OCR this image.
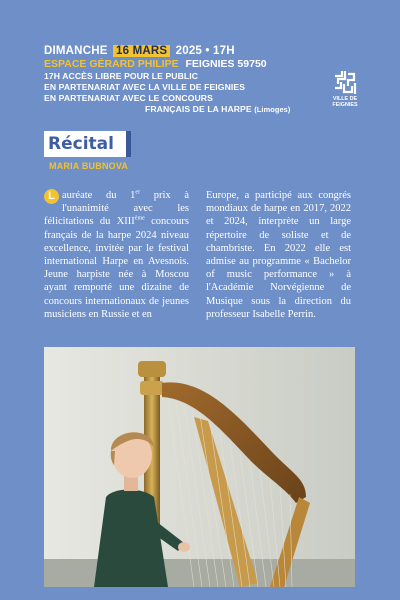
DIMANCHE 16 MARS 2025 • 17H
ESPACE GÉRARD PHILIPE FEIGNIES 59750
17H ACCÈS LIBRE POUR LE PUBLIC
EN PARTENARIAT AVEC LA VILLE DE FEIGNIES
EN PARTENARIAT AVEC LE CONCOURS
FRANÇAIS DE LA HARPE (Limoges)
VILLE DE
FEIGNIES
Récital
MARIA BUBNOVA

L auréate du 1er prix à l'unanimité avec les félicitations du XIIIème concours français de la harpe 2024 niveau excellence, invitée par le festival international Harpe en Avesnois. Jeune harpiste née à Moscou ayant remporté une dizaine de concours internationaux de jeunes musiciens en Russie et en

Europe, a participé aux congrés mondiaux de harpe en 2017, 2022 et 2024, interprète un large répertoire de soliste et de chambriste. En 2022 elle est admise au programme « Bachelor of music performance » à l'Académie Norvégienne de Musique sous la direction du professeur Isabelle Perrin.
